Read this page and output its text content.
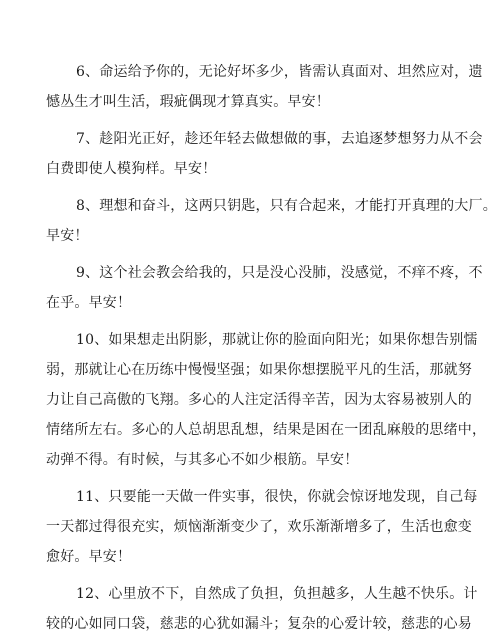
6、命运给予你的，无论好坏多少，皆需认真面对、坦然应对，遗
憾丛生才叫生活，瑕疵偶现才算真实。早安！
7、趁阳光正好，趁还年轻去做想做的事，去追逐梦想努力从不会
白费即使人模狗样。早安！
8、理想和奋斗，这两只钥匙，只有合起来，才能打开真理的大厂。
早安！
9、这个社会教会给我的，只是没心没肺，没感觉，不痒不疼，不
在乎。早安！
10、如果想走出阴影，那就让你的脸面向阳光；如果你想告别懦
弱，那就让心在历练中慢慢坚强；如果你想摆脱平凡的生活，那就努
力让自己高傲的飞翔。多心的人注定活得辛苦，因为太容易被别人的
情绪所左右。多心的人总胡思乱想，结果是困在一团乱麻般的思绪中，
动弹不得。有时候，与其多心不如少根筋。早安！
11、只要能一天做一件实事，很快，你就会惊讶地发现，自己每
一天都过得很充实，烦恼渐渐变少了，欢乐渐渐增多了，生活也愈变
愈好。早安！
12、心里放不下，自然成了负担，负担越多，人生越不快乐。计
较的心如同口袋，慈悲的心犹如漏斗；复杂的心爱计较，慈悲的心易
